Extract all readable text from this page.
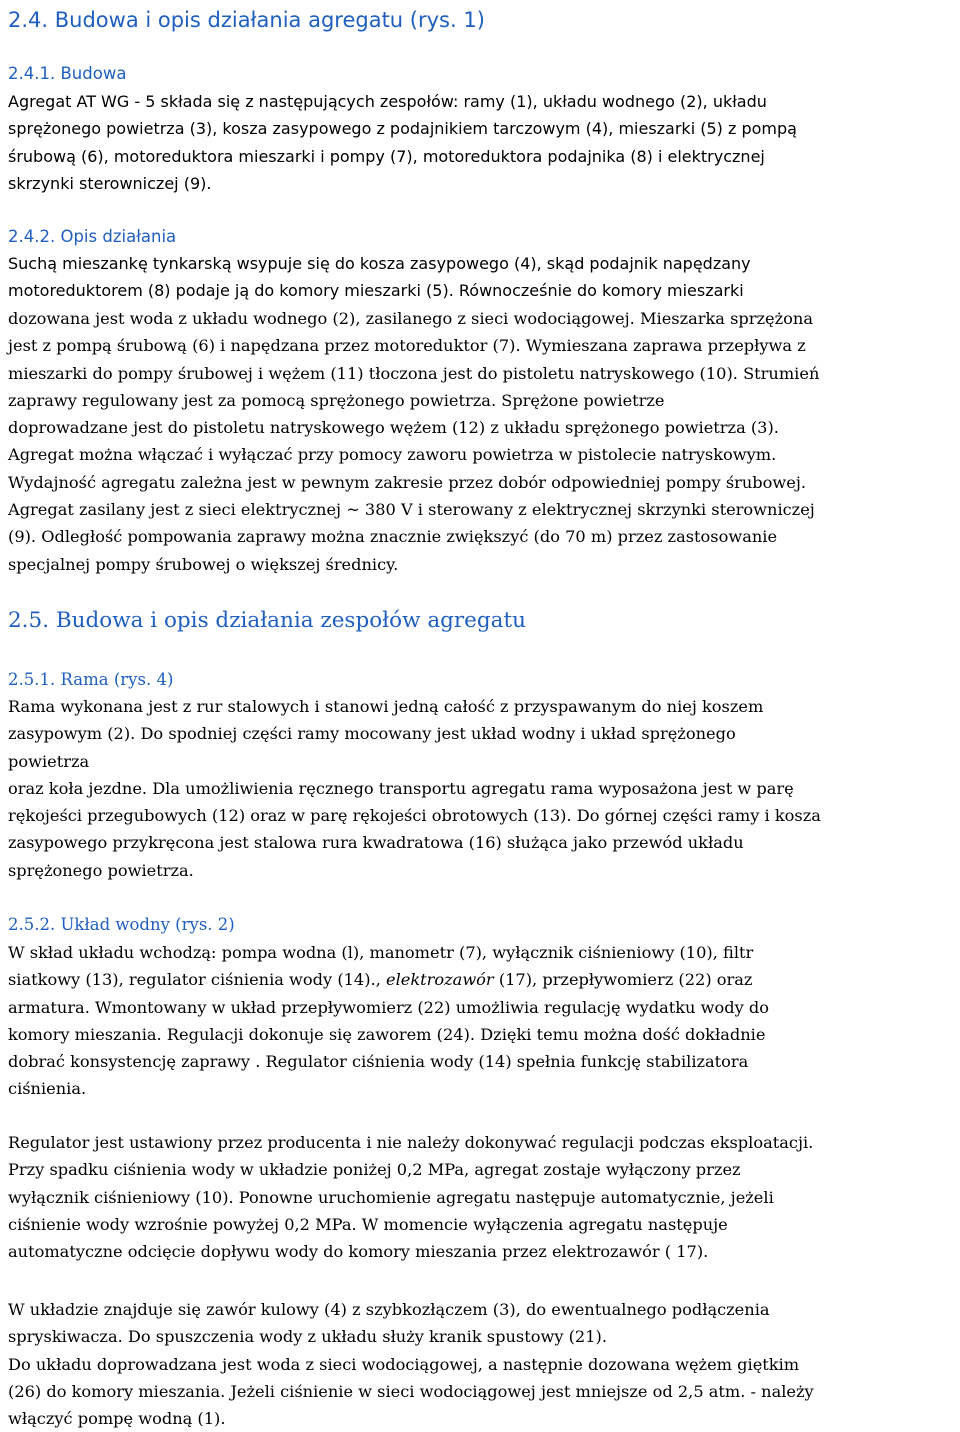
2.4. Budowa i opis działania agregatu (rys. 1)
2.4.1. Budowa
Agregat AT WG - 5 składa się z następujących zespołów: ramy (1), układu wodnego (2), układu
sprężonego powietrza (3), kosza zasypowego z podajnikiem tarczowym (4), mieszarki (5) z pompą
śrubową (6), motoreduktora mieszarki i pompy (7), motoreduktora podajnika (8) i elektrycznej
skrzynki sterowniczej (9).
2.4.2. Opis działania
Suchą mieszankę tynkarską wsypuje się do kosza zasypowego (4), skąd podajnik napędzany
motoreduktorem (8) podaje ją do komory mieszarki (5). Równocześnie do komory mieszarki
dozowana jest woda z układu wodnego (2), zasilanego z sieci wodociągowej. Mieszarka sprzężona
jest z pompą śrubową (6) i napędzana przez motoreduktor (7). Wymieszana zaprawa przepływa z
mieszarki do pompy śrubowej i wężem (11) tłoczona jest do pistoletu natryskowego (10). Strumień
zaprawy regulowany jest za pomocą sprężonego powietrza. Sprężone powietrze
doprowadzane jest do pistoletu natryskowego wężem (12) z układu sprężonego powietrza (3).
Agregat można włączać i wyłączać przy pomocy zaworu powietrza w pistolecie natryskowym.
Wydajność agregatu zależna jest w pewnym zakresie przez dobór odpowiedniej pompy śrubowej.
Agregat zasilany jest z sieci elektrycznej ~ 380 V i sterowany z elektrycznej skrzynki sterowniczej
(9). Odległość pompowania zaprawy można znacznie zwiększyć (do 70 m) przez zastosowanie
specjalnej pompy śrubowej o większej średnicy.
2.5. Budowa i opis działania zespołów agregatu
2.5.1. Rama (rys. 4)
Rama wykonana jest z rur stalowych i stanowi jedną całość z przyspawanym do niej koszem
zasypowym (2). Do spodniej części ramy mocowany jest układ wodny i układ sprężonego
powietrza
oraz koła jezdne. Dla umożliwienia ręcznego transportu agregatu rama wyposażona jest w parę
rękojeści przegubowych (12) oraz w parę rękojeści obrotowych (13). Do górnej części ramy i kosza
zasypowego przykręcona jest stalowa rura kwadratowa (16) służąca jako przewód układu
sprężonego powietrza.
2.5.2. Układ wodny (rys. 2)
W skład układu wchodzą: pompa wodna (l), manometr (7), wyłącznik ciśnieniowy (10), filtr
siatkowy (13), regulator ciśnienia wody (14)., elektrozawór (17), przepływomierz (22) oraz
armatura. Wmontowany w układ przepływomierz (22) umożliwia regulację wydatku wody do
komory mieszania. Regulacji dokonuje się zaworem (24). Dzięki temu można dość dokładnie
dobrać konsystencję zaprawy . Regulator ciśnienia wody (14) spełnia funkcję stabilizatora
ciśnienia.
Regulator jest ustawiony przez producenta i nie należy dokonywać regulacji podczas eksploatacji.
Przy spadku ciśnienia wody w układzie poniżej 0,2 MPa, agregat zostaje wyłączony przez
wyłącznik ciśnieniowy (10). Ponowne uruchomienie agregatu następuje automatycznie, jeżeli
ciśnienie wody wzrośnie powyżej 0,2 MPa. W momencie wyłączenia agregatu następuje
automatyczne odcięcie dopływu wody do komory mieszania przez elektrozawór ( 17).
W układzie znajduje się zawór kulowy (4) z szybkozłączem (3), do ewentualnego podłączenia
spryskiwacza. Do spuszczenia wody z układu służy kranik spustowy (21).
Do układu doprowadzana jest woda z sieci wodociągowej, a następnie dozowana wężem giętkim
(26) do komory mieszania. Jeżeli ciśnienie w sieci wodociągowej jest mniejsze od 2,5 atm. - należy
włączyć pompę wodną (1).
